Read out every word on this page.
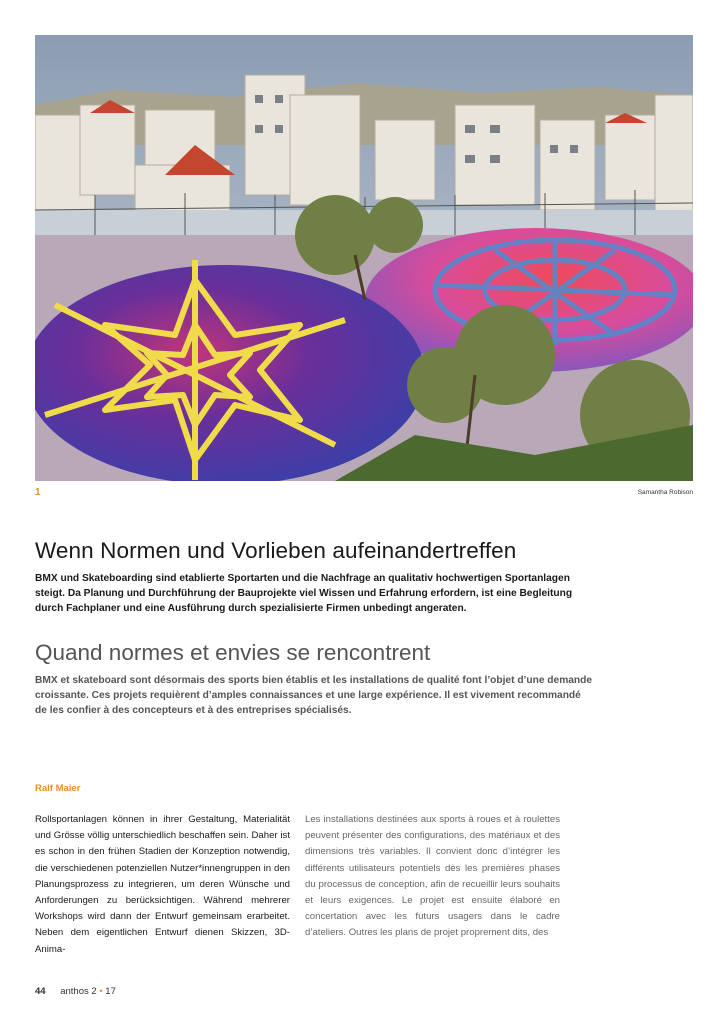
1	Samantha Robison
Wenn Normen und Vorlieben aufeinandertreffen

BMX und Skateboarding sind etablierte Sportarten und die Nachfrage an qualitativ hochwertigen Sportanlagen steigt. Da Planung und Durchführung der Bauprojekte viel Wissen und Erfahrung erfordern, ist eine Begleitung durch Fachplaner und eine Ausführung durch spezialisierte Firmen unbedingt angeraten.

Quand normes et envies se rencontrent

BMX et skateboard sont désormais des sports bien établis et les installations de qualité font l’objet d’une demande croissante. Ces projets requièrent d’amples connaissances et une large expérience. Il est vivement recommandé de les confier à des concepteurs et à des entreprises spécialisés.

Ralf Maier

Rollsportanlagen können in ihrer Gestaltung, Materialität und Grösse völlig unterschiedlich beschaffen sein. Daher ist es schon in den frühen Stadien der Konzeption notwendig, die verschiedenen potenziellen Nutzer*innengruppen in den Planungsprozess zu integrieren, um deren Wünsche und Anforderungen zu berücksichtigen. Während mehrerer Workshops wird dann der Entwurf gemeinsam erarbeitet. Neben dem eigentlichen Entwurf dienen Skizzen, 3D-Anima-

Les installations destinées aux sports à roues et à roulettes peuvent présenter des configurations, des matériaux et des dimensions très variables. Il convient donc d’intégrer les différents utilisateurs potentiels dès les premières phases du processus de conception, afin de recueillir leurs souhaits et leurs exigences. Le projet est ensuite élaboré en concertation avec les futurs usagers dans le cadre d’ateliers. Outres les plans de projet proprement dits, des

44 anthos 2 • 17
